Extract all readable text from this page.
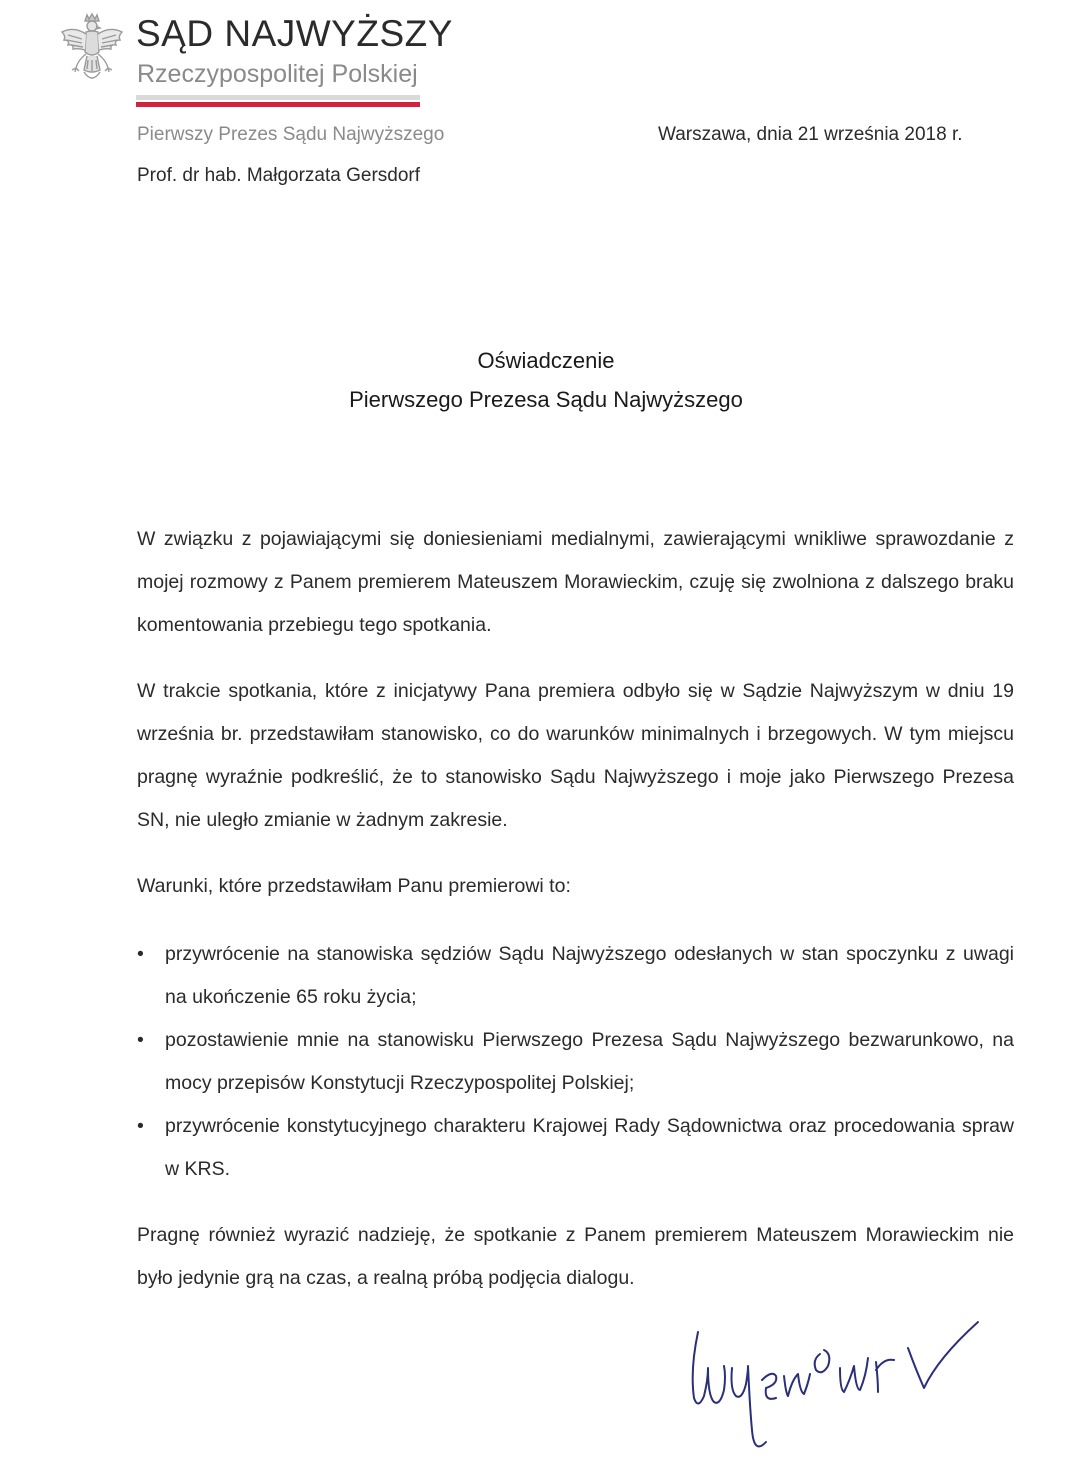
SĄD NAJWYŻSZY
Rzeczypospolitej Polskiej
Pierwszy Prezes Sądu Najwyższego	Warszawa, dnia 21 września 2018 r.
Prof. dr hab. Małgorzata Gersdorf
Oświadczenie
Pierwszego Prezesa Sądu Najwyższego
W związku z pojawiającymi się doniesieniami medialnymi, zawierającymi wnikliwe sprawozdanie z mojej rozmowy z Panem premierem Mateuszem Morawieckim, czuję się zwolniona z dalszego braku komentowania przebiegu tego spotkania.
W trakcie spotkania, które z inicjatywy Pana premiera odbyło się w Sądzie Najwyższym w dniu 19 września br. przedstawiłam stanowisko, co do warunków minimalnych i brzegowych. W tym miejscu pragnę wyraźnie podkreślić, że to stanowisko Sądu Najwyższego i moje jako Pierwszego Prezesa SN, nie uległo zmianie w żadnym zakresie.
Warunki, które przedstawiłam Panu premierowi to:
•	przywrócenie na stanowiska sędziów Sądu Najwyższego odesłanych w stan spoczynku z uwagi na ukończenie 65 roku życia;
•	pozostawienie mnie na stanowisku Pierwszego Prezesa Sądu Najwyższego bezwarunkowo, na mocy przepisów Konstytucji Rzeczypospolitej Polskiej;
•	przywrócenie konstytucyjnego charakteru Krajowej Rady Sądownictwa oraz procedowania spraw w KRS.
Pragnę również wyrazić nadzieję, że spotkanie z Panem premierem Mateuszem Morawieckim nie było jedynie grą na czas, a realną próbą podjęcia dialogu.
